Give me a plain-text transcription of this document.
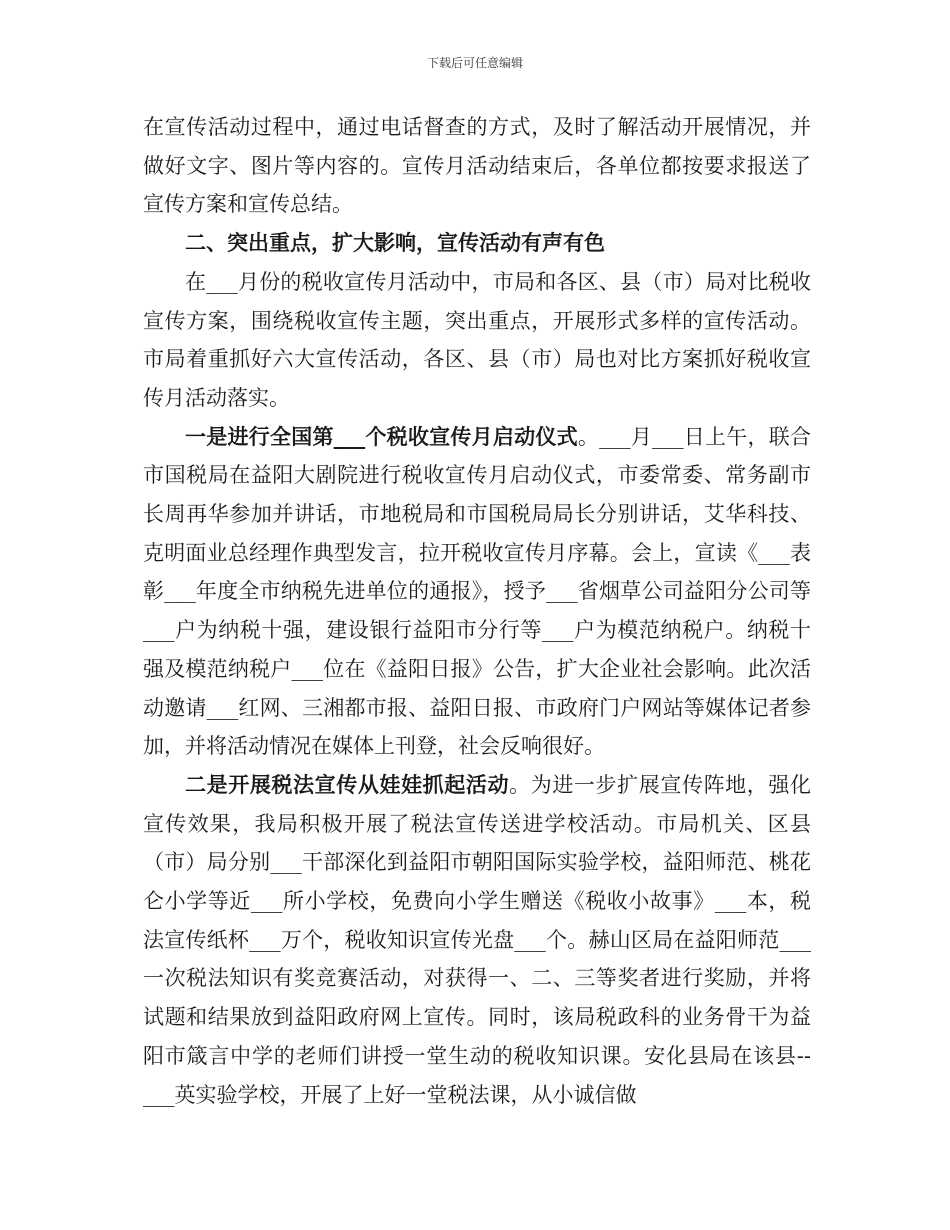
下载后可任意编辑

在宣传活动过程中，通过电话督查的方式，及时了解活动开展情况，并做好文字、图片等内容的。宣传月活动结束后，各单位都按要求报送了宣传方案和宣传总结。

二、突出重点，扩大影响，宣传活动有声有色

在___月份的税收宣传月活动中，市局和各区、县（市）局对比税收宣传方案，围绕税收宣传主题，突出重点，开展形式多样的宣传活动。市局着重抓好六大宣传活动，各区、县（市）局也对比方案抓好税收宣传月活动落实。

一是进行全国第___个税收宣传月启动仪式。___月___日上午，联合市国税局在益阳大剧院进行税收宣传月启动仪式，市委常委、常务副市长周再华参加并讲话，市地税局和市国税局局长分别讲话，艾华科技、克明面业总经理作典型发言，拉开税收宣传月序幕。会上，宣读《___表彰___年度全市纳税先进单位的通报》，授予___省烟草公司益阳分公司等___户为纳税十强，建设银行益阳市分行等___户为模范纳税户。纳税十强及模范纳税户___位在《益阳日报》公告，扩大企业社会影响。此次活动邀请___红网、三湘都市报、益阳日报、市政府门户网站等媒体记者参加，并将活动情况在媒体上刊登，社会反响很好。

二是开展税法宣传从娃娃抓起活动。为进一步扩展宣传阵地，强化宣传效果，我局积极开展了税法宣传送进学校活动。市局机关、区县（市）局分别___干部深化到益阳市朝阳国际实验学校，益阳师范、桃花仑小学等近___所小学校，免费向小学生赠送《税收小故事》___本，税法宣传纸杯___万个，税收知识宣传光盘___个。赫山区局在益阳师范___一次税法知识有奖竞赛活动，对获得一、二、三等奖者进行奖励，并将试题和结果放到益阳政府网上宣传。同时，该局税政科的业务骨干为益阳市箴言中学的老师们讲授一堂生动的税收知识课。安化县局在该县--___英实验学校，开展了上好一堂税法课，从小诚信做
